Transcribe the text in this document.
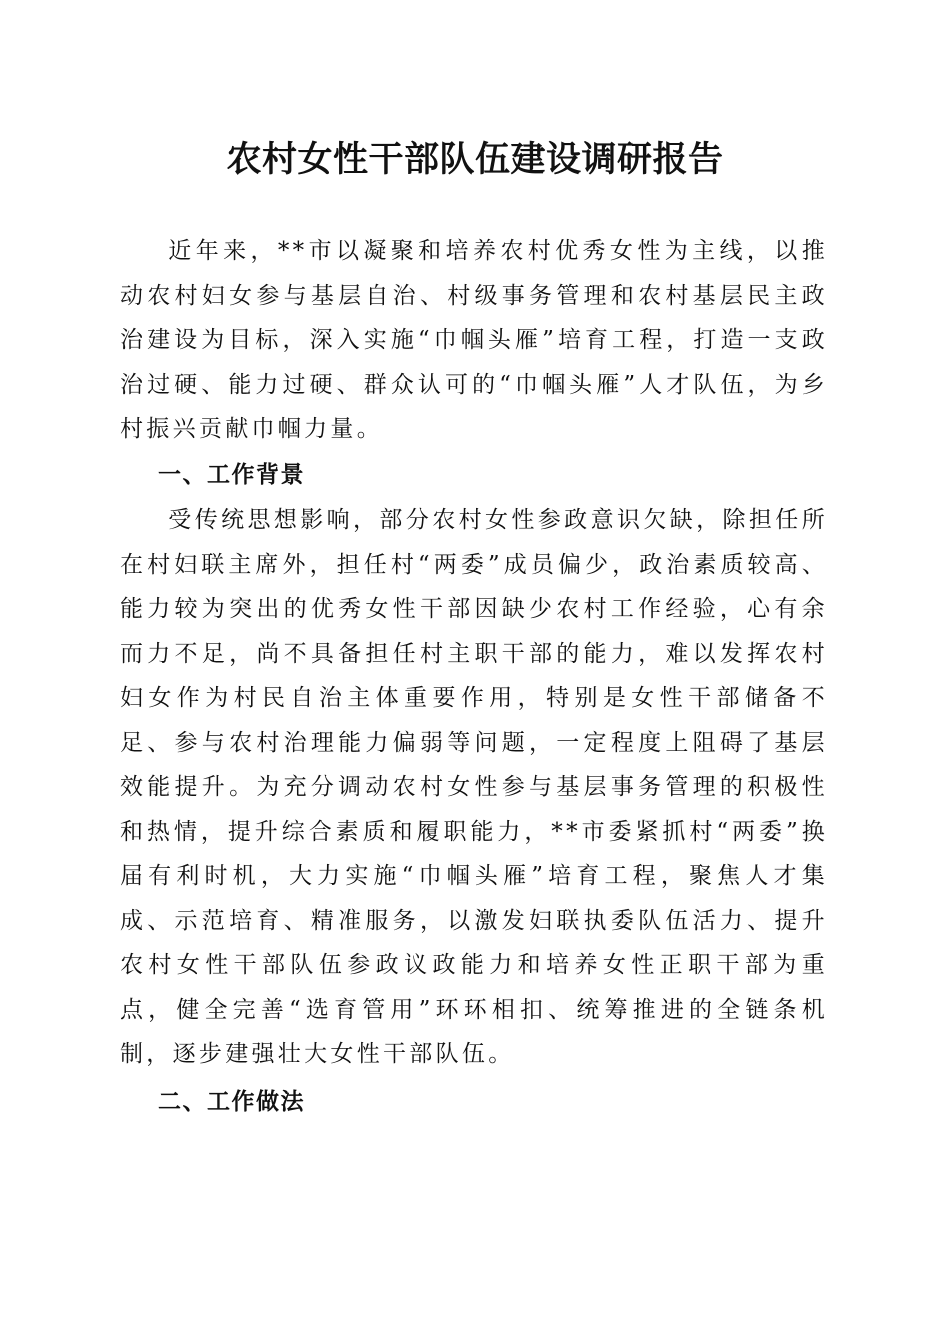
农村女性干部队伍建设调研报告

近年来，**市以凝聚和培养农村优秀女性为主线，以推动农村妇女参与基层自治、村级事务管理和农村基层民主政治建设为目标，深入实施“巾帼头雁”培育工程，打造一支政治过硬、能力过硬、群众认可的“巾帼头雁”人才队伍，为乡村振兴贡献巾帼力量。

一、工作背景

受传统思想影响，部分农村女性参政意识欠缺，除担任所在村妇联主席外，担任村“两委”成员偏少，政治素质较高、能力较为突出的优秀女性干部因缺少农村工作经验，心有余而力不足，尚不具备担任村主职干部的能力，难以发挥农村妇女作为村民自治主体重要作用，特别是女性干部储备不足、参与农村治理能力偏弱等问题，一定程度上阻碍了基层效能提升。为充分调动农村女性参与基层事务管理的积极性和热情，提升综合素质和履职能力，**市委紧抓村“两委”换届有利时机，大力实施“巾帼头雁”培育工程，聚焦人才集成、示范培育、精准服务，以激发妇联执委队伍活力、提升农村女性干部队伍参政议政能力和培养女性正职干部为重点，健全完善“选育管用”环环相扣、统筹推进的全链条机制，逐步建强壮大女性干部队伍。

二、工作做法
